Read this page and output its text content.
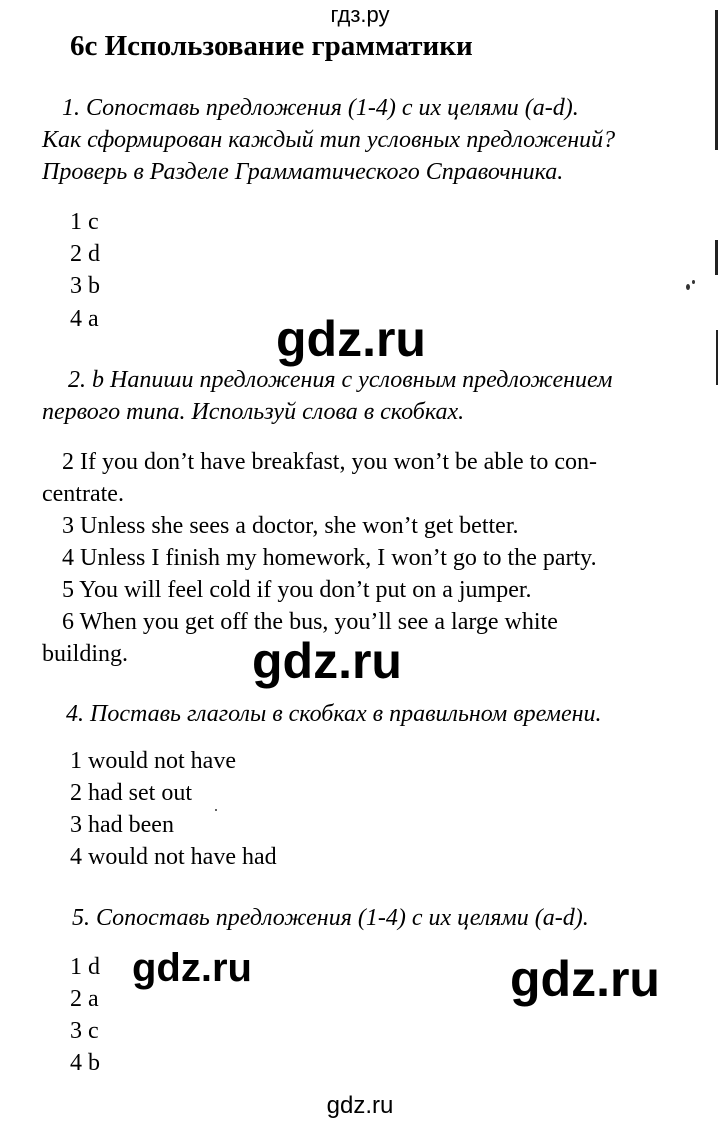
гдз.ру
6c Использование грамматики
1. Сопоставь предложения (1-4) с их целями (a-d).
Как сформирован каждый тип условных предложений?
Проверь в Разделе Грамматического Справочника.
1 c
2 d
3 b
4 a	gdz.ru
2. b Напиши предложения с условным предложением
первого типа. Используй слова в скобках.
2 If you don’t have breakfast, you won’t be able to con-
centrate.
3 Unless she sees a doctor, she won’t get better.
4 Unless I finish my homework, I won’t go to the party.
5 You will feel cold if you don’t put on a jumper.
6 When you get off the bus, you’ll see a large white
building. gdz.ru
4. Поставь глаголы в скобках в правильном времени.
1 would not have
2 had set out
3 had been
4 would not have had
5. Сопоставь предложения (1-4) с их целями (a-d).
1 d
2 a
3 c
4 b
gdz.ru	gdz.ru
gdz.ru
